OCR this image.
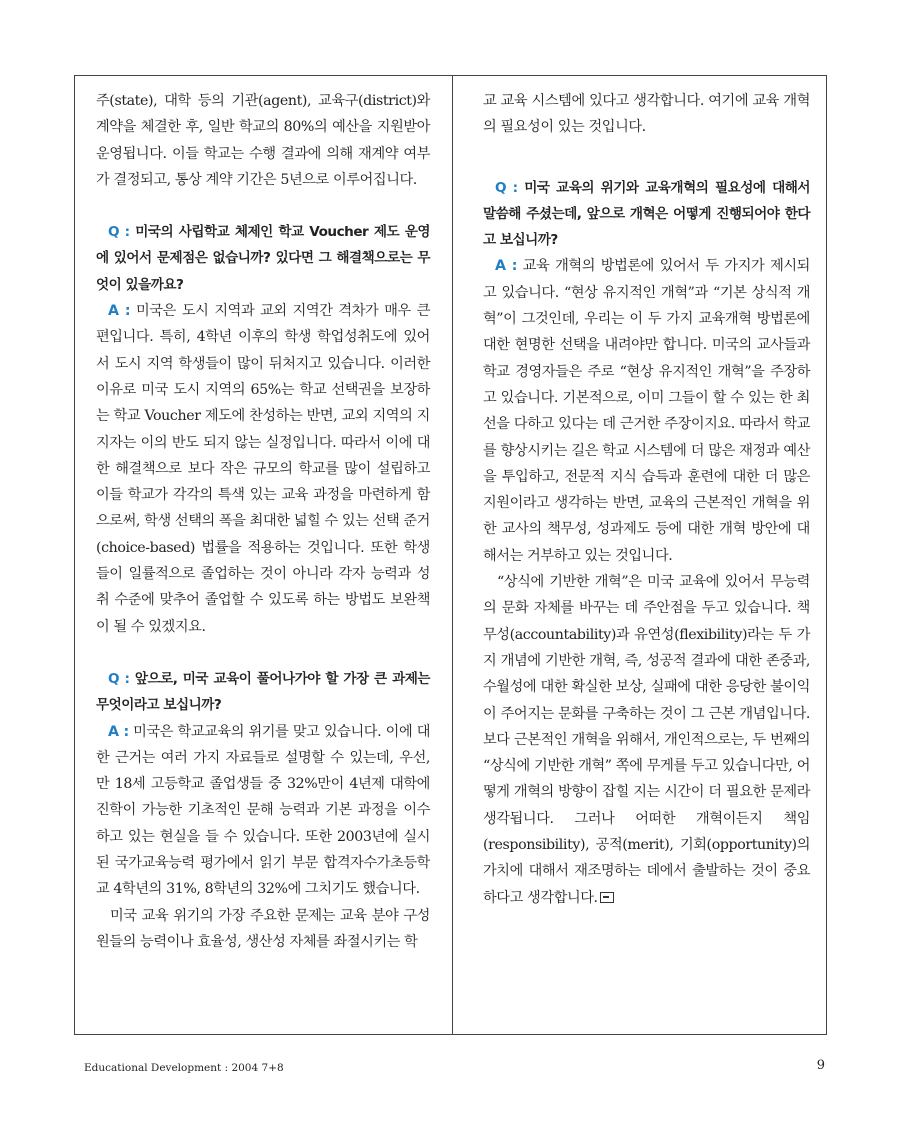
주(state), 대학 등의 기관(agent), 교육구(district)와 계약을 체결한 후, 일반 학교의 80%의 예산을 지원받아 운영됩니다. 이들 학교는 수행 결과에 의해 재계약 여부가 결정되고, 통상 계약 기간은 5년으로 이루어집니다.

Q : 미국의 사립학교 체제인 학교 Voucher 제도 운영에 있어서 문제점은 없습니까? 있다면 그 해결책으로는 무엇이 있을까요?

A : 미국은 도시 지역과 교외 지역간 격차가 매우 큰 편입니다. 특히, 4학년 이후의 학생 학업성취도에 있어서 도시 지역 학생들이 많이 뒤처지고 있습니다. 이러한 이유로 미국 도시 지역의 65%는 학교 선택권을 보장하는 학교 Voucher 제도에 찬성하는 반면, 교외 지역의 지지자는 이의 반도 되지 않는 실정입니다. 따라서 이에 대한 해결책으로 보다 작은 규모의 학교를 많이 설립하고 이들 학교가 각각의 특색 있는 교육 과정을 마련하게 함으로써, 학생 선택의 폭을 최대한 넓힐 수 있는 선택 준거(choice-based) 법률을 적용하는 것입니다. 또한 학생들이 일률적으로 졸업하는 것이 아니라 각자 능력과 성취 수준에 맞추어 졸업할 수 있도록 하는 방법도 보완책이 될 수 있겠지요.

Q : 앞으로, 미국 교육이 풀어나가야 할 가장 큰 과제는 무엇이라고 보십니까?

A : 미국은 학교교육의 위기를 맞고 있습니다. 이에 대한 근거는 여러 가지 자료들로 설명할 수 있는데, 우선, 만 18세 고등학교 졸업생들 중 32%만이 4년제 대학에 진학이 가능한 기초적인 문해 능력과 기본 과정을 이수하고 있는 현실을 들 수 있습니다. 또한 2003년에 실시된 국가교육능력 평가에서 읽기 부문 합격자수가초등학교 4학년의 31%, 8학년의 32%에 그치기도 했습니다.

미국 교육 위기의 가장 주요한 문제는 교육 분야 구성원들의 능력이나 효율성, 생산성 자체를 좌절시키는 학

교 교육 시스템에 있다고 생각합니다. 여기에 교육 개혁의 필요성이 있는 것입니다.

Q : 미국 교육의 위기와 교육개혁의 필요성에 대해서 말씀해 주셨는데, 앞으로 개혁은 어떻게 진행되어야 한다고 보십니까?

A : 교육 개혁의 방법론에 있어서 두 가지가 제시되고 있습니다. “현상 유지적인 개혁”과 “기본 상식적 개혁”이 그것인데, 우리는 이 두 가지 교육개혁 방법론에 대한 현명한 선택을 내려야만 합니다. 미국의 교사들과 학교 경영자들은 주로 “현상 유지적인 개혁”을 주장하고 있습니다. 기본적으로, 이미 그들이 할 수 있는 한 최선을 다하고 있다는 데 근거한 주장이지요. 따라서 학교를 향상시키는 길은 학교 시스템에 더 많은 재정과 예산을 투입하고, 전문적 지식 습득과 훈련에 대한 더 많은 지원이라고 생각하는 반면, 교육의 근본적인 개혁을 위한 교사의 책무성, 성과제도 등에 대한 개혁 방안에 대해서는 거부하고 있는 것입니다.

“상식에 기반한 개혁”은 미국 교육에 있어서 무능력의 문화 자체를 바꾸는 데 주안점을 두고 있습니다. 책무성(accountability)과 유연성(flexibility)라는 두 가지 개념에 기반한 개혁, 즉, 성공적 결과에 대한 존중과, 수월성에 대한 확실한 보상, 실패에 대한 응당한 불이익이 주어지는 문화를 구축하는 것이 그 근본 개념입니다. 보다 근본적인 개혁을 위해서, 개인적으로는, 두 번째의 “상식에 기반한 개혁” 쪽에 무게를 두고 있습니다만, 어떻게 개혁의 방향이 잡힐 지는 시간이 더 필요한 문제라 생각됩니다. 그러나 어떠한 개혁이든지 책임(responsibility), 공적(merit), 기회(opportunity)의 가치에 대해서 재조명하는 데에서 출발하는 것이 중요하다고 생각합니다.

Educational Development : 2004 7+8	9
